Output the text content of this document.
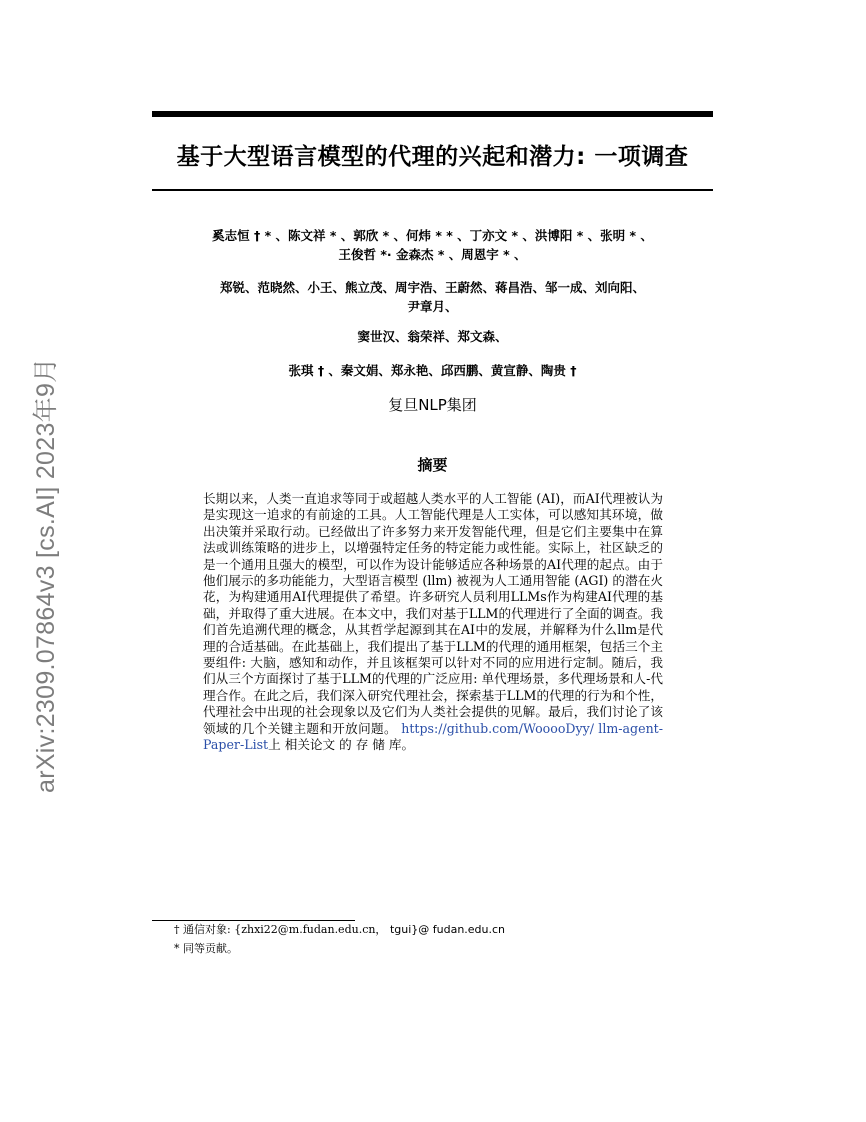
arXiv:2309.07864v3 [cs.AI] 2023年9月
基于大型语言模型的代理的兴起和潜力: 一项调查
奚志恒 † * 、陈文祥 * 、郭欣 * 、何炜 * * 、丁亦文 * 、洪博阳 * 、张明 * 、
王俊哲 *· 金森杰 * 、周恩宇 * 、
郑锐、范晓然、小王、熊立茂、周宇浩、王蔚然、蒋昌浩、邹一成、刘向阳、
尹章月、
窦世汉、翁荣祥、郑文森、
张琪 † 、秦文娟、郑永艳、邱西鹏、黄宣静、陶贵 †
复旦NLP集团
摘要
长期以来，人类一直追求等同于或超越人类水平的人工智能 (AI)，而AI代理被认为是实现这一追求的有前途的工具。人工智能代理是人工实体，可以感知其环境，做出决策并采取行动。已经做出了许多努力来开发智能代理，但是它们主要集中在算法或训练策略的进步上，以增强特定任务的特定能力或性能。实际上，社区缺乏的是一个通用且强大的模型，可以作为设计能够适应各种场景的AI代理的起点。由于他们展示的多功能能力，大型语言模型 (llm) 被视为人工通用智能 (AGI) 的潜在火花，为构建通用AI代理提供了希望。许多研究人员利用LLMs作为构建AI代理的基础，并取得了重大进展。在本文中，我们对基于LLM的代理进行了全面的调查。我们首先追溯代理的概念，从其哲学起源到其在AI中的发展，并解释为什么llm是代理的合适基础。在此基础上，我们提出了基于LLM的代理的通用框架，包括三个主要组件: 大脑，感知和动作，并且该框架可以针对不同的应用进行定制。随后，我们从三个方面探讨了基于LLM的代理的广泛应用: 单代理场景，多代理场景和人-代理合作。在此之后，我们深入研究代理社会，探索基于LLM的代理的行为和个性，代理社会中出现的社会现象以及它们为人类社会提供的见解。最后，我们讨论了该领域的几个关键主题和开放问题。 https://github.com/WooooDyy/ llm-agent-Paper-List上 相关论文 的 存 储 库。
† 通信对象: {zhxi22@m.fudan.edu.cn， tgui}@ fudan.edu.cn
* 同等贡献。
